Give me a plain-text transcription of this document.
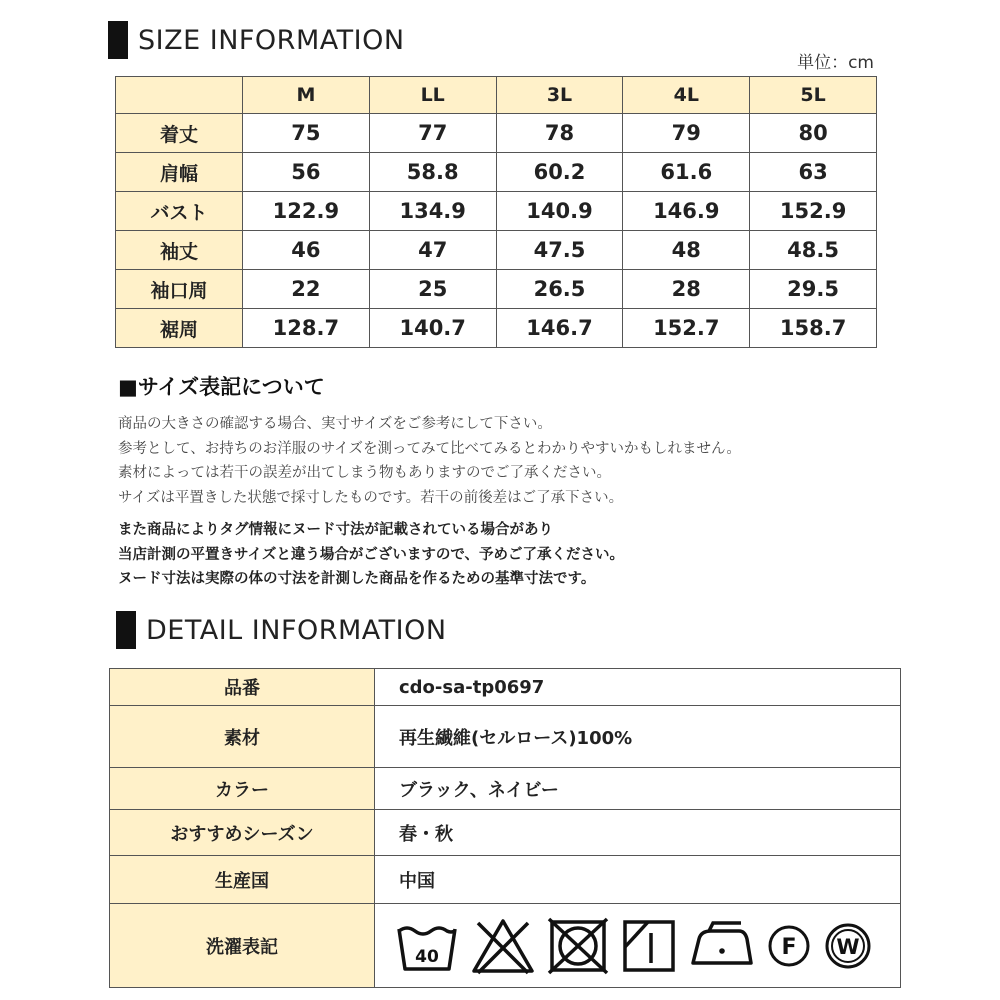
SIZE INFORMATION
単位：cm
	M	LL	3L	4L	5L
着丈	75	77	78	79	80
肩幅	56	58.8	60.2	61.6	63
バスト	122.9	134.9	140.9	146.9	152.9
袖丈	46	47	47.5	48	48.5
袖口周	22	25	26.5	28	29.5
裾周	128.7	140.7	146.7	152.7	158.7
■サイズ表記について
商品の大きさの確認する場合、実寸サイズをご参考にして下さい。
参考として、お持ちのお洋服のサイズを測ってみて比べてみるとわかりやすいかもしれません。
素材によっては若干の誤差が出てしまう物もありますのでご了承ください。
サイズは平置きした状態で採寸したものです。若干の前後差はご了承下さい。
また商品によりタグ情報にヌード寸法が記載されている場合があり
当店計測の平置きサイズと違う場合がございますので、予めご了承ください。
ヌード寸法は実際の体の寸法を計測した商品を作るための基準寸法です。
DETAIL INFORMATION
品番	cdo-sa-tp0697
素材	再生繊維(セルロース)100%
カラー	ブラック、ネイビー
おすすめシーズン	春・秋
生産国	中国
洗濯表記	40 F W
